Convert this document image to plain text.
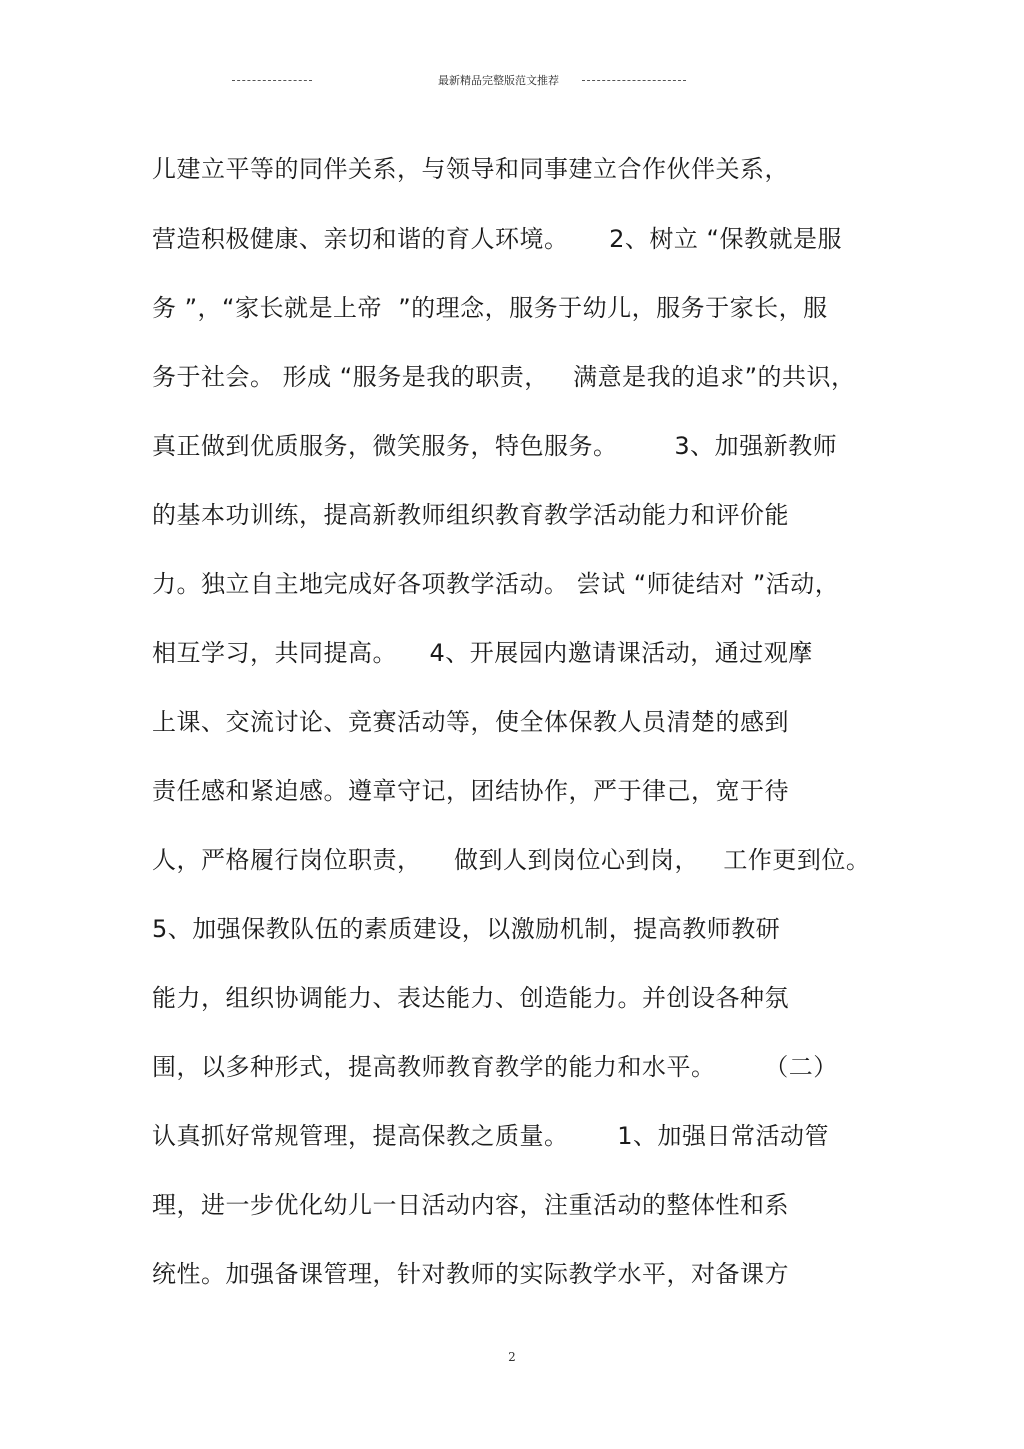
最新精品完整版范文推荐
儿建立平等的同伴关系，与领导和同事建立合作伙伴关系，
营造积极健康、亲切和谐的育人环境。     2、树立 “保教就是服
务 ”，“家长就是上帝  ”的理念，服务于幼儿，服务于家长，服
务于社会。 形成 “服务是我的职责，   满意是我的追求”的共识，
真正做到优质服务，微笑服务，特色服务。       3、加强新教师
的基本功训练，提高新教师组织教育教学活动能力和评价能
力。独立自主地完成好各项教学活动。 尝试 “师徒结对 ”活动，
相互学习，共同提高。    4、开展园内邀请课活动，通过观摩
上课、交流讨论、竞赛活动等，使全体保教人员清楚的感到
责任感和紧迫感。遵章守记，团结协作，严于律己，宽于待
人，严格履行岗位职责，    做到人到岗位心到岗，   工作更到位。
5、加强保教队伍的素质建设，以激励机制，提高教师教研
能力，组织协调能力、表达能力、创造能力。并创设各种氛
围，以多种形式，提高教师教育教学的能力和水平。      （二）
认真抓好常规管理，提高保教之质量。      1、加强日常活动管
理，进一步优化幼儿一日活动内容，注重活动的整体性和系
统性。加强备课管理，针对教师的实际教学水平，对备课方
2
